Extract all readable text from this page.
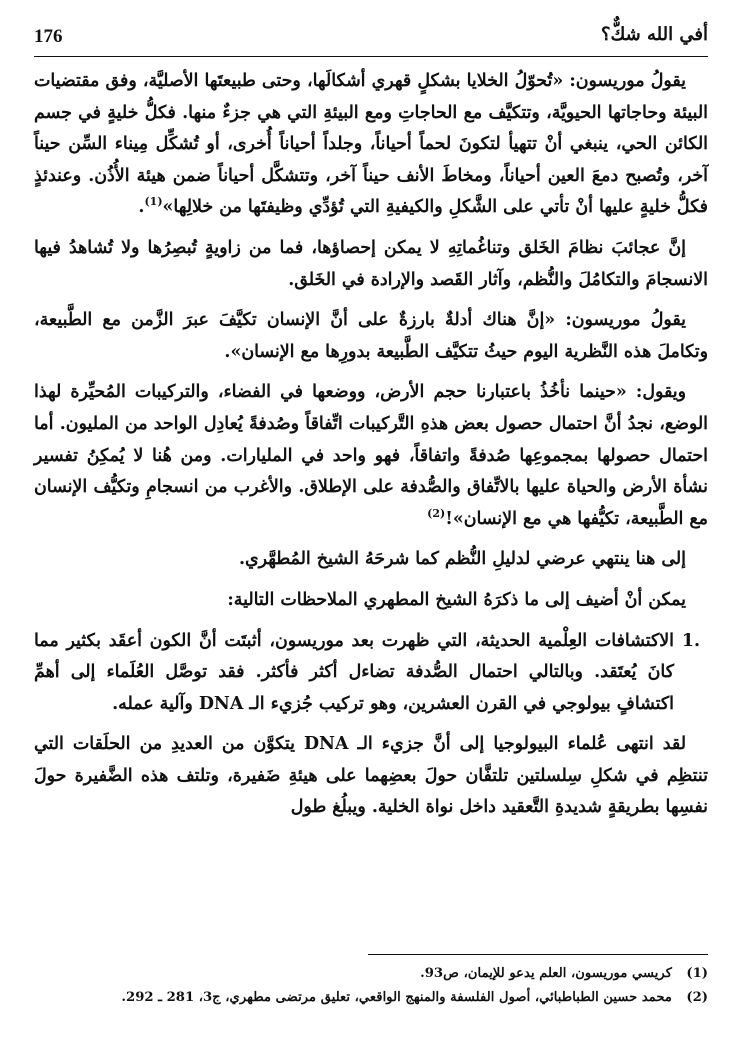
176	أفي الله شكٌّ؟

يقولُ موريسون: «تُحوّلُ الخلايا بشكلٍ قهري أشكالَها، وحتى طبيعتَها الأصليَّة، وفق مقتضيات البيئة وحاجاتها الحيويَّة، وتتكيَّف مع الحاجاتِ ومع البيئةِ التي هي جزءٌ منها. فكلُّ خليةٍ في جسم الكائن الحي، ينبغي أنْ تتهيأ لتكونَ لحماً أحياناً، وجلداً أحياناً أُخرى، أو تُشكِّل مِيناء السِّن حيناً آخر، وتُصبح دمعَ العين أحياناً، ومخاطَ الأنف حيناً آخر، وتتشكَّل أحياناً ضمن هيئة الأُذُن. وعندئذٍ فكلُّ خليةٍ عليها أنْ تأتي على الشَّكلِ والكيفيةِ التي تُؤدِّي وظيفتَها من خلالِها»$^{(1)}$.

إنَّ عجائبَ نظامَ الخَلق وتناغُماتِهِ لا يمكن إحصاؤها، فما من زاويةٍ تُبصِرُها ولا تُشاهدُ فيها الانسجامَ والتكامُلَ والنُّظم، وآثار القَصد والإرادة في الخَلق.

يقولُ موريسون: «إنَّ هناك أدلةٌ بارزةٌ على أنَّ الإنسان تكيَّفَ عبرَ الزَّمن مع الطَّبيعة، وتكاملَ هذه النَّظرية اليوم حيثُ تتكيَّف الطَّبيعة بدورِها مع الإنسان».

ويقول: «حينما نأخُذُ باعتبارنا حجم الأرض، ووضعها في الفضاء، والتركيبات المُحيِّرة لهذا الوضع، نجدُ أنَّ احتمال حصول بعض هذهِ التَّركيبات اتِّفاقاً وصُدفةً يُعادِل الواحد من المليون. أما احتمال حصولها بمجموعِها صُدفةً واتفاقاً، فهو واحد في المليارات. ومن هُنا لا يُمكِنُ تفسير نشأة الأرض والحياة عليها بالاتِّفاق والصُّدفة على الإطلاق. والأغرب من انسجامِ وتكيُّف الإنسان مع الطَّبيعة، تكيُّفها هي مع الإنسان»!$^{(2)}$

إلى هنا ينتهي عرضي لدليلِ النُّظم كما شرحَهُ الشيخ المُطهَّري.

يمكن أنْ أضيف إلى ما ذكرَهُ الشيخ المطهري الملاحظات التالية:

1.
الاكتشافات العِلْمية الحديثة، التي ظهرت بعد موريسون، أثبتَت أنَّ الكون أعقَد بكثير مما كانَ يُعتَقد. وبالتالي احتمال الصُّدفة تضاءل أكثر فأكثر. فقد توصَّل العُلَماء إلى أهمِّ اكتشافٍ بيولوجي في القرن العشرين، وهو تركيب جُزيء الـ DNA وآلية عمله.

لقد انتهى عُلماء البيولوجيا إلى أنَّ جزيء الـ DNA يتكوَّن من العديدِ من الحلَقات التي تنتظِم في شكلِ سِلسلتين تلتفَّان حولَ بعضِهما على هيئةِ ضَفيرة، وتلتف هذه الضَّفيرة حولَ نفسِها بطريقةٍ شديدةِ التَّعقيد داخل نواة الخلية. ويبلُغ طول

(1)
كريسي موريسون، العلم يدعو للإيمان، ص93.
(2)
محمد حسين الطباطبائي، أصول الفلسفة والمنهج الواقعي، تعليق مرتضى مطهري، ج3، 281 ـ 292.
